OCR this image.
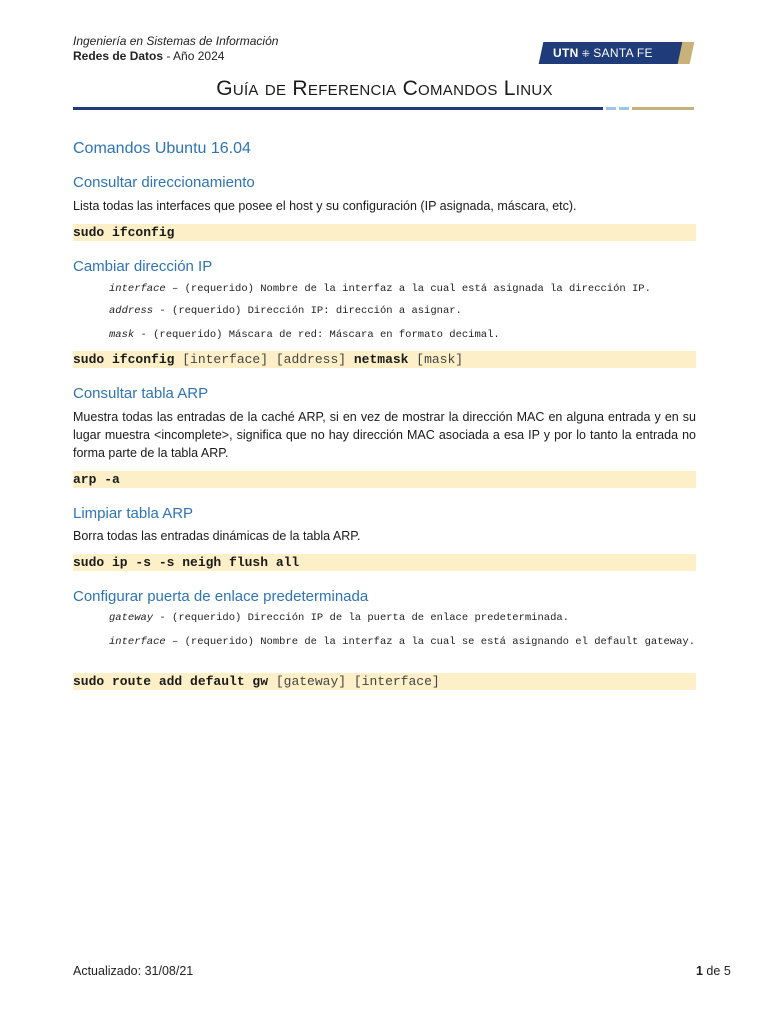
Ingeniería en Sistemas de Información
Redes de Datos - Año 2024	UTN ⁜ SANTA FE
Guía de Referencia Comandos Linux
Comandos Ubuntu 16.04
Consultar direccionamiento
Lista todas las interfaces que posee el host y su configuración (IP asignada, máscara, etc).
sudo ifconfig
Cambiar dirección IP
interface – (requerido) Nombre de la interfaz a la cual está asignada la dirección IP.
address - (requerido) Dirección IP: dirección a asignar.
mask - (requerido) Máscara de red: Máscara en formato decimal.
sudo ifconfig [interface] [address] netmask [mask]
Consultar tabla ARP
Muestra todas las entradas de la caché ARP, si en vez de mostrar la dirección MAC en alguna entrada y en su lugar muestra <incomplete>, significa que no hay dirección MAC asociada a esa IP y por lo tanto la entrada no forma parte de la tabla ARP.
arp -a
Limpiar tabla ARP
Borra todas las entradas dinámicas de la tabla ARP.
sudo ip -s -s neigh flush all
Configurar puerta de enlace predeterminada
gateway - (requerido) Dirección IP de la puerta de enlace predeterminada.
interface – (requerido) Nombre de la interfaz a la cual se está asignando el default gateway.
sudo route add default gw [gateway] [interface]
Actualizado: 31/08/21	1 de 5
